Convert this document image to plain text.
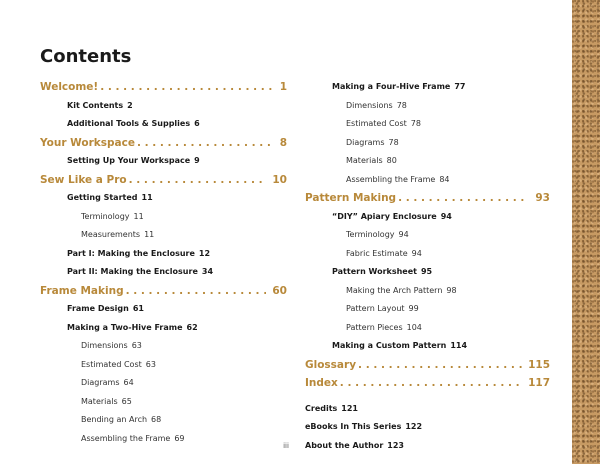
Contents
Welcome! . . .	1
Kit Contents 2
Additional Tools & Supplies 6
Your Workspace . . .	8
Setting Up Your Workspace 9
Sew Like a Pro . . .	10
Getting Started 11
Terminology 11
Measurements 11
Part I: Making the Enclosure 12
Part II: Making the Enclosure 34
Frame Making . . .	60
Frame Design 61
Making a Two-Hive Frame 62
Dimensions 63
Estimated Cost 63
Diagrams 64
Materials 65
Bending an Arch 68
Assembling the Frame 69
Making a Four-Hive Frame 77
Dimensions 78
Estimated Cost 78
Diagrams 78
Materials 80
Assembling the Frame 84
Pattern Making . . .	93
“DIY” Apiary Enclosure 94
Terminology 94
Fabric Estimate 94
Pattern Worksheet 95
Making the Arch Pattern 98
Pattern Layout 99
Pattern Pieces 104
Making a Custom Pattern 114
Glossary . . .	115
Index . . .	117
Credits 121
eBooks In This Series 122
About the Author 123
iii
